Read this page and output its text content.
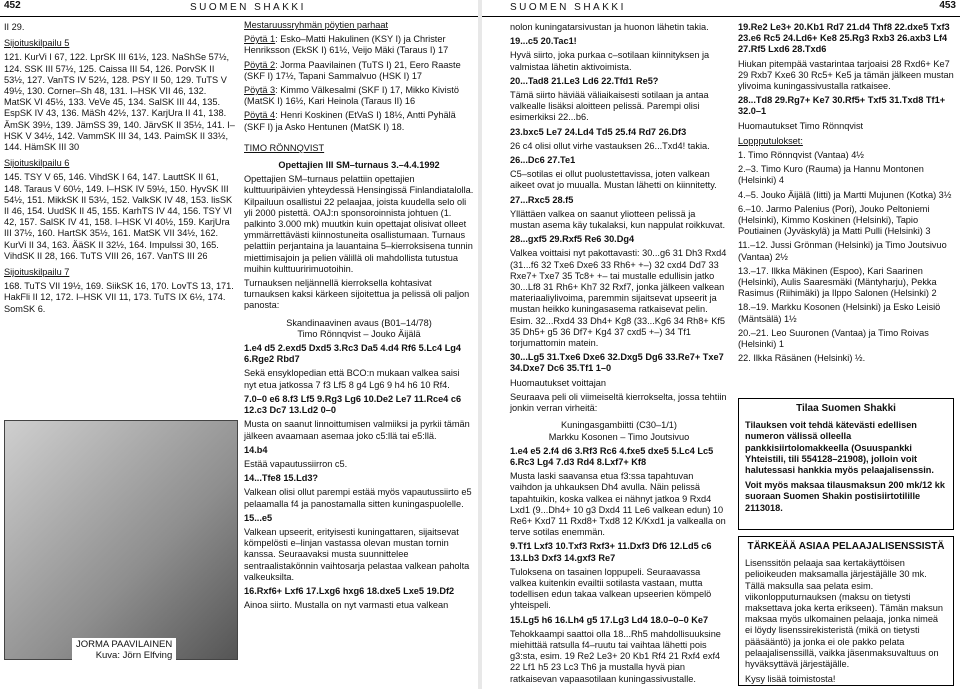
452	SUOMEN SHAKKI

II 29.

Sijoituskilpailu 5

121. KurVi I 67, 122. LprSK III 61½, 123. NaShSe 57½, 124. SSK III 57½, 125. Caissa III 54, 126. PorvSK II 53½, 127. VanTS IV 52½, 128. PSY II 50, 129. TuTS V 49½, 130. Corner–Sh 48, 131. I–HSK VII 46, 132. MatSK VI 45½, 133. VeVe 45, 134. SalSK III 44, 135. EspSK IV 43, 136. MäSh 42½, 137. KarjUra II 41, 138. ÄmSK 39½, 139. JämSS 39, 140. JärvSK II 35½, 141. I–HSK V 34½, 142. VammSK III 34, 143. PaimSK II 33½, 144. HämSK III 30

Sijoituskilpailu 6

145. TSY V 65, 146. VihdSK I 64, 147. LauttSK II 61, 148. Taraus V 60½, 149. I–HSK IV 59½, 150. HyvSK III 54½, 151. MikkSK II 53½, 152. ValkSK IV 48, 153. lisSK II 46, 154. UudSK II 45, 155. KarhTS IV 44, 156. TSY VI 42, 157. SalSK IV 41, 158. I–HSK VI 40½, 159. KarjUra III 37½, 160. HartSK 35½, 161. MatSK VII 34½, 162. KurVi II 34, 163. ÄäSK II 32½, 164. Impulssi 30, 165. VihdSK II 28, 166. TuTS VIII 26, 167. VanTS III 26

Sijoituskilpailu 7

168. TuTS VII 19½, 169. SiikSK 16, 170. LovTS 13, 171. HakFli II 12, 172. I–HSK VII 11, 173. TuTS IX 6½, 174. SomSK 6.

JORMA PAAVILAINEN
Kuva: Jörn Elfving

Mestaruussryhmän pöytien parhaat

Pöytä 1: Esko–Matti Hakulinen (KSY I) ja Christer Henriksson (EkSK I) 61½, Veijo Mäki (Taraus I) 17

Pöytä 2: Jorma Paavilainen (TuTS I) 21, Eero Raaste (SKF I) 17½, Tapani Sammalvuo (HSK I) 17

Pöytä 3: Kimmo Välkesalmi (SKF I) 17, Mikko Kivistö (MatSK I) 16½, Kari Heinola (Taraus II) 16

Pöytä 4: Henri Koskinen (EtVaS I) 18½, Antti Pyhälä (SKF I) ja Asko Hentunen (MatSK I) 18.

TIMO RÖNNQVIST

Opettajien III SM–turnaus 3.–4.4.1992

Opettajien SM–turnaus pelattiin opettajien kulttuuripäivien yhteydessä Hensingissä Finlandiatalolla. Kilpailuun osallistui 22 pelaajaa, joista kuudella selo oli yli 2000 pistettä. OAJ:n sponsoroinnista johtuen (1. palkinto 3.000 mk) muutkin kuin opettajat olisivat olleet ymmärrettävästi kiinnostuneita osallistumaan. Turnaus pelattiin perjantaina ja lauantaina 5–kierroksisena tunnin miettimisajoin ja pelien välillä oli mahdollista tutustua muihin kulttuuririmuotoihin.

Turnauksen neljännellä kierroksella kohtasivat turnauksen kaksi kärkeen sijoitettua ja pelissä oli paljon panosta:

Skandinaavinen avaus (B01–14/78)

Timo Rönnqvist – Jouko Äijälä

1.e4 d5 2.exd5 Dxd5 3.Rc3 Da5 4.d4 Rf6 5.Lc4 Lg4 6.Rge2 Rbd7

Sekä ensyklopedian että BCO:n mukaan valkea saisi nyt etua jatkossa 7 f3 Lf5 8 g4 Lg6 9 h4 h6 10 Rf4.

7.0–0 e6 8.f3 Lf5 9.Rg3 Lg6 10.De2 Le7 11.Rce4 c6 12.c3 Dc7 13.Ld2 0–0

Musta on saanut linnoittumisen valmiiksi ja pyrkii tämän jälkeen avaamaan asemaa joko c5:llä tai e5:llä.

14.b4

Estää vapautussiirron c5.

14...Tfe8 15.Ld3?

Valkean olisi ollut parempi estää myös vapautussiirto e5 pelaamalla f4 ja panostamalla sitten kuningaspuolelle.

15...e5

Valkean upseerit, erityisesti kuningattaren, sijaitsevat kömpelösti e–linjan vastassa olevan mustan tornin kanssa. Seuraavaksi musta suunnittelee sentraalistakönnin vaihtosarja pelastaa valkean paholta valkeuksilta.

16.Rxf6+ Lxf6 17.Lxg6 hxg6 18.dxe5 Lxe5 19.Df2

Ainoa siirto. Mustalla on nyt varmasti etua valkean

SUOMEN SHAKKI	453

nolon kuningatarsivustan ja huonon lähetin takia.

19...c5 20.Tac1!

Hyvä siirto, joka purkaa c–sotilaan kiinnityksen ja valmistaa lähetin aktivoimista.

20...Tad8 21.Le3 Ld6 22.Tfd1 Re5?

Tämä siirto häviää väliaikaisesti sotilaan ja antaa valkealle lisäksi aloitteen pelissä. Parempi olisi esimerkiksi 22...b6.

23.bxc5 Le7 24.Ld4 Td5 25.f4 Rd7 26.Df3

26 c4 olisi ollut virhe vastauksen 26...Txd4! takia.

26...Dc6 27.Te1

C5–sotilas ei ollut puolustettavissa, joten valkean aikeet ovat jo muualla. Mustan lähetti on kiinnitetty.

27...Rxc5 28.f5

Yllättäen valkea on saanut yliotteen pelissä ja mustan asema käy tukalaksi, kun nappulat roikkuvat.

28...gxf5 29.Rxf5 Re6 30.Dg4

Valkea voittaisi nyt pakottavasti: 30...g6 31 Dh3 Rxd4 (31...f6 32 Txe6 Dxe6 33 Rh6+ +–) 32 cxd4 Dd7 33 Rxe7+ Txe7 35 Tc8+ +– tai mustalle edullisin jatko 30...Lf8 31 Rh6+ Kh7 32 Rxf7, jonka jälkeen valkean materiaaliylivoima, paremmin sijaitsevat upseerit ja mustan heikko kuningasasema ratkaisevat pelin. Esim. 32...Rxd4 33 Dh4+ Kg8 (33...Kg6 34 Rh8+ Kf5 35 Dh5+ g5 36 Df7+ Kg4 37 cxd5 +–) 34 Tf1 torjumattomin matein.

30...Lg5 31.Txe6 Dxe6 32.Dxg5 Dg6 33.Re7+ Txe7 34.Dxe7 Dc6 35.Tf1 1–0

Huomautukset voittajan

Seuraava peli oli viimeiseltä kierrokselta, jossa tehtiin jonkin verran virheitä:

Kuningasgambiitti (C30–1/1)

Markku Kosonen – Timo Joutsivuo

1.e4 e5 2.f4 d6 3.Rf3 Rc6 4.fxe5 dxe5 5.Lc4 Lc5 6.Rc3 Lg4 7.d3 Rd4 8.Lxf7+ Kf8

Musta laski saavansa etua f3:ssa tapahtuvan vaihdon ja uhkauksen Dh4 avulla. Näin pelissä tapahtuikin, koska valkea ei nähnyt jatkoa 9 Rxd4 Lxd1 (9...Dh4+ 10 g3 Dxd4 11 Le6 valkean edun) 10 Re6+ Kxd7 11 Rxd8+ Txd8 12 K/Kxd1 ja valkealla on terve sotilas enemmän.

9.Tf1 Lxf3 10.Txf3 Rxf3+ 11.Dxf3 Df6 12.Ld5 c6 13.Lb3 Dxf3 14.gxf3 Re7

Tuloksena on tasainen loppupeli. Seuraavassa valkea kuitenkin evailtii sotilasta vastaan, mutta todellisen edun takaa valkean upseerien kömpelö yhteispeli.

15.Lg5 h6 16.Lh4 g5 17.Lg3 Ld4 18.0–0–0 Ke7

Tehokkaampi saattoi olla 18...Rh5 mahdollisuuksine miehittää ratsulla f4–ruutu tai vaihtaa lähetti pois g3:sta, esim. 19 Re2 Le3+ 20 Kb1 Rf4 21 Rxf4 exf4 22 Lf1 h5 23 Lc3 Th6 ja mustalla hyvä pian ratkaisevan vapaasotilaan kuningassivustalle.

19.Re2 Le3+ 20.Kb1 Rd7 21.d4 Thf8 22.dxe5 Txf3 23.e6 Rc5 24.Ld6+ Ke8 25.Rg3 Rxb3 26.axb3 Lf4 27.Rf5 Lxd6 28.Txd6

Hiukan pitempää vastarintaa tarjoaisi 28 Rxd6+ Ke7 29 Rxb7 Kxe6 30 Rc5+ Ke5 ja tämän jälkeen mustan ylivoima kuningassivustalla ratkaisee.

28...Td8 29.Rg7+ Ke7 30.Rf5+ Txf5 31.Txd8 Tf1+ 32.0–1

Huomautukset Timo Rönnqvist

Loppputulokset:

1. Timo Rönnqvist (Vantaa) 4½

2.–3. Timo Kuro (Rauma) ja Hannu Montonen (Helsinki) 4

4.–5. Jouko Äijälä (Iitti) ja Martti Mujunen (Kotka) 3½

6.–10. Jarmo Palenius (Pori), Jouko Peltoniemi (Helsinki), Kimmo Koskinen (Helsinki), Tapio Poutiainen (Jyväskylä) ja Matti Pulli (Helsinki) 3

11.–12. Jussi Grönman (Helsinki) ja Timo Joutsivuo (Vantaa) 2½

13.–17. Ilkka Mäkinen (Espoo), Kari Saarinen (Helsinki), Aulis Saaresmäki (Mäntyharju), Pekka Rasimus (Riihimäki) ja Ilppo Salonen (Helsinki) 2

18.–19. Markku Kosonen (Helsinki) ja Esko Leisiö (Mäntsälä) 1½

20.–21. Leo Suuronen (Vantaa) ja Timo Roivas (Helsinki) 1

22. Ilkka Räsänen (Helsinki) ½.

Tilaa Suomen Shakki

Tilauksen voit tehdä kätevästi edellisen numeron välissä olleella pankkisiirtolomakkeella (Osuuspankki Yhteistili, tili 554128–21908), jolloin voit halutessasi hankkia myös pelaajalisenssin.

Voit myös maksaa tilausmaksun 200 mk/12 kk suoraan Suomen Shakin postisiirtotilille 2113018.

TÄRKEÄÄ ASIAA PELAAJALISENSSISTÄ

Lisenssitön pelaaja saa kertakäyttöisen pelioikeuden maksamalla järjestäjälle 30 mk. Tällä maksulla saa pelata esim. viikonlopputurnauksen (maksu on tietysti maksettava joka kerta erikseen). Tämän maksun maksaa myös ulkomainen pelaaja, jonka nimeä ei löydy lisenssirekisteristä (mikä on tietysti pääsääntö) ja jonka ei ole pakko pelata pelaajalisenssillä, vaikka jäsenmaksuvaltuus on hyväksyttävä järjestäjälle.

Kysy lisää toimistosta!
